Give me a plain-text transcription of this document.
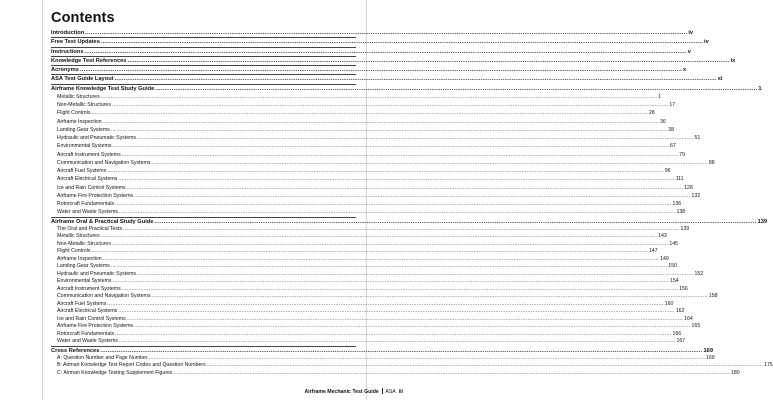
Contents
Introduction .....	iv
Free Test Updates .....	iv
Instructions .....	v
Knowledge Test References .....	ix
Acronyms .....	x
ASA Test Guide Layout .....	xi
Airframe Knowledge Test Study Guide .....	1
Metallic Structures .....	1
Non-Metallic Structures .....	17
Flight Controls .....	28
Airframe Inspection .....	36
Landing Gear Systems .....	38
Hydraulic and Pneumatic Systems .....	51
Environmental Systems .....	67
Aircraft Instrument Systems .....	79
Communication and Navigation Systems .....	88
Aircraft Fuel Systems .....	96
Aircraft Electrical Systems .....	111
Ice and Rain Control Systems .....	128
Airframe Fire Protection Systems .....	132
Rotorcraft Fundamentals .....	136
Water and Waste Systems .....	138
Airframe Oral & Practical Study Guide .....	139
The Oral and Practical Tests .....	139
Metallic Structures .....	143
Non-Metallic Structures .....	145
Flight Controls .....	147
Airframe Inspection .....	149
Landing Gear Systems .....	150
Hydraulic and Pneumatic Systems .....	152
Environmental Systems .....	154
Aircraft Instrument Systems .....	156
Communication and Navigation Systems .....	158
Aircraft Fuel Systems .....	160
Aircraft Electrical Systems .....	162
Ice and Rain Control Systems .....	164
Airframe Fire Protection Systems .....	165
Rotorcraft Fundamentals .....	166
Water and Waste Systems .....	167
Cross References .....	169
A: Question Number and Page Number .....	169
B: Airman Knowledge Test Report Codes and Question Numbers .....	175
C: Airman Knowledge Testing Supplement Figures .....	180
Airframe Mechanic Test Guide ASA iii
